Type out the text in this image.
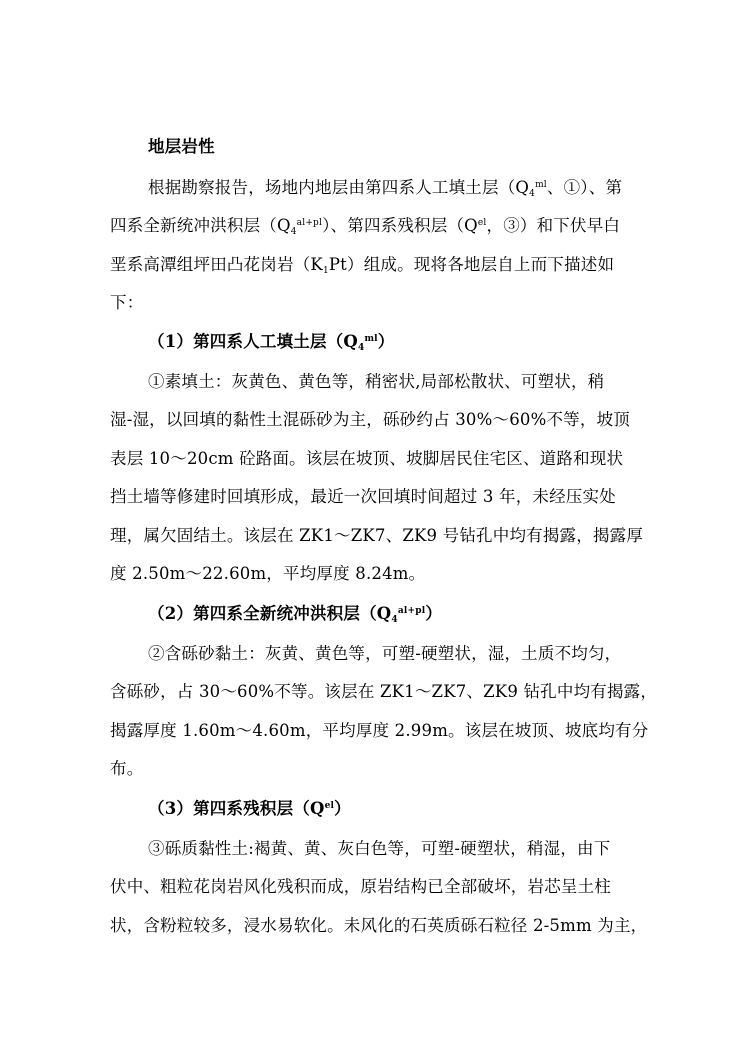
地层岩性
根据勘察报告，场地内地层由第四系人工填土层（$Q_4^{ml}$、①）、第
四系全新统冲洪积层$(Q_4^{al+pl})$、第四系残积层（$Q^{el}$，③）和下伏早白
垩系高潭组坪田凸花岗岩$(K_1Pt)$组成。现将各地层自上而下描述如
下：
（1）第四系人工填土层$(Q_4^{ml})$
①素填土：灰黄色、黄色等，稍密状,局部松散状、可塑状，稍
湿-湿，以回填的黏性土混砾砂为主，砾砂约占 30%～60%不等，坡顶
表层 10～20cm 砼路面。该层在坡顶、坡脚居民住宅区、道路和现状
挡土墙等修建时回填形成，最近一次回填时间超过 3 年，未经压实处
理，属欠固结土。该层在 ZK1～ZK7、ZK9 号钻孔中均有揭露，揭露厚
度 2.50m～22.60m，平均厚度 8.24m。
（2）第四系全新统冲洪积层$(Q_4^{al+pl})$
②含砾砂黏土：灰黄、黄色等，可塑-硬塑状，湿，土质不均匀，
含砾砂，占 30～60%不等。该层在 ZK1～ZK7、ZK9 钻孔中均有揭露，
揭露厚度 1.60m～4.60m，平均厚度 2.99m。该层在坡顶、坡底均有分
布。
（3）第四系残积层$(Q^{el})$
③砾质黏性土:褐黄、黄、灰白色等，可塑-硬塑状，稍湿，由下
伏中、粗粒花岗岩风化残积而成，原岩结构已全部破坏，岩芯呈土柱
状，含粉粒较多，浸水易软化。未风化的石英质砾石粒径 2-5mm 为主，
